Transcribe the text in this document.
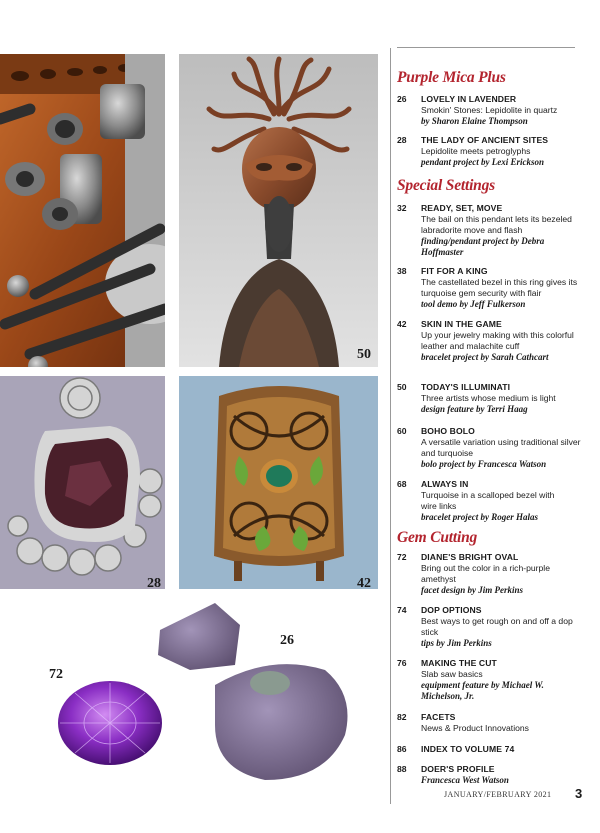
50
28	42
72
26
Purple Mica Plus
26 LOVELY IN LAVENDER
Smokin' Stones: Lepidolite in quartz
by Sharon Elaine Thompson
28 THE LADY OF ANCIENT SITES
Lepidolite meets petroglyphs
pendant project by Lexi Erickson
Special Settings
32 READY, SET, MOVE
The bail on this pendant lets its bezeled labradorite move and flash
finding/pendant project by Debra Hoffmaster
38 FIT FOR A KING
The castellated bezel in this ring gives its turquoise gem security with flair
tool demo by Jeff Fulkerson
42 SKIN IN THE GAME
Up your jewelry making with this colorful leather and malachite cuff
bracelet project by Sarah Cathcart
50 TODAY'S ILLUMINATI
Three artists whose medium is light
design feature by Terri Haag
60 BOHO BOLO
A versatile variation using traditional silver and turquoise
bolo project by Francesca Watson
68 ALWAYS IN
Turquoise in a scalloped bezel with wire links
bracelet project by Roger Halas
Gem Cutting
72 DIANE'S BRIGHT OVAL
Bring out the color in a rich-purple amethyst
facet design by Jim Perkins
74 DOP OPTIONS
Best ways to get rough on and off a dop stick
tips by Jim Perkins
76 MAKING THE CUT
Slab saw basics
equipment feature by Michael W. Michelson, Jr.
82 FACETS
News & Product Innovations
86 INDEX TO VOLUME 74
88 DOER'S PROFILE
Francesca West Watson
JANUARY/FEBRUARY 2021 3
